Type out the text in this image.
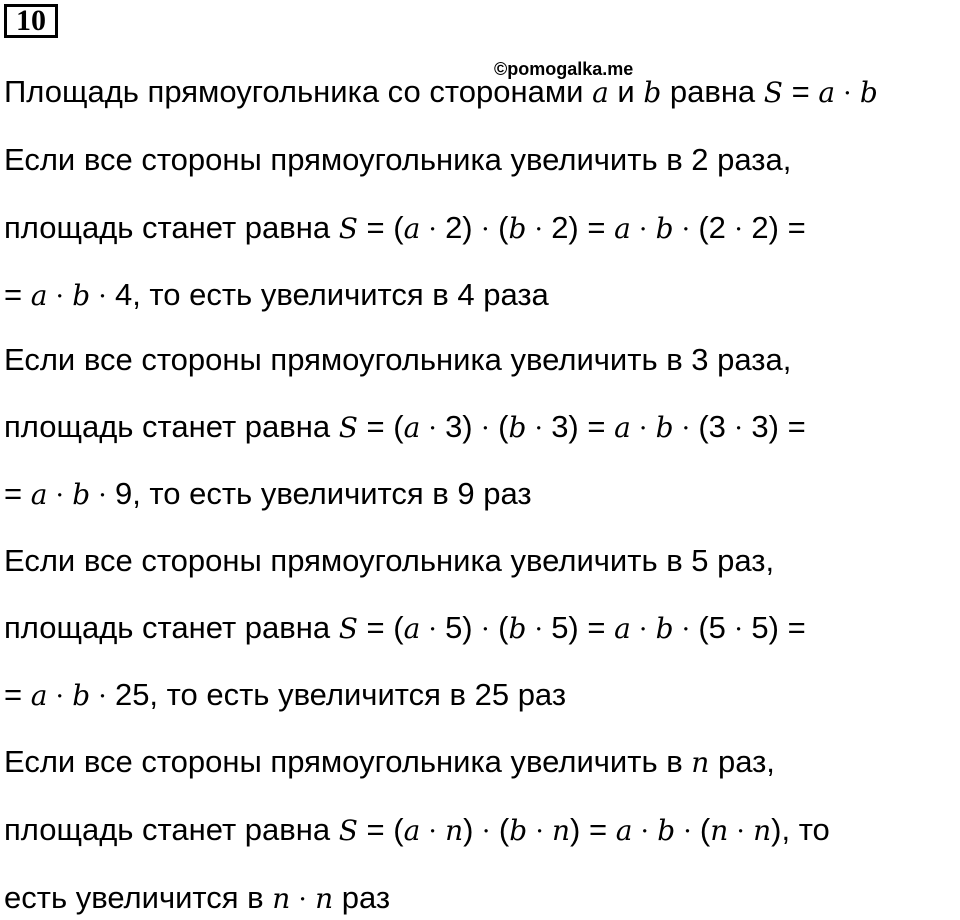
10
©pomogalka.me
Площадь прямоугольника со сторонами a и b равна S = a · b
Если все стороны прямоугольника увеличить в 2 раза,
площадь станет равна S = (a · 2) · (b · 2) = a · b · (2 · 2) =
= a · b · 4, то есть увеличится в 4 раза
Если все стороны прямоугольника увеличить в 3 раза,
площадь станет равна S = (a · 3) · (b · 3) = a · b · (3 · 3) =
= a · b · 9, то есть увеличится в 9 раз
Если все стороны прямоугольника увеличить в 5 раз,
площадь станет равна S = (a · 5) · (b · 5) = a · b · (5 · 5) =
= a · b · 25, то есть увеличится в 25 раз
Если все стороны прямоугольника увеличить в n раз,
площадь станет равна S = (a · n) · (b · n) = a · b · (n · n), то
есть увеличится в n · n раз
